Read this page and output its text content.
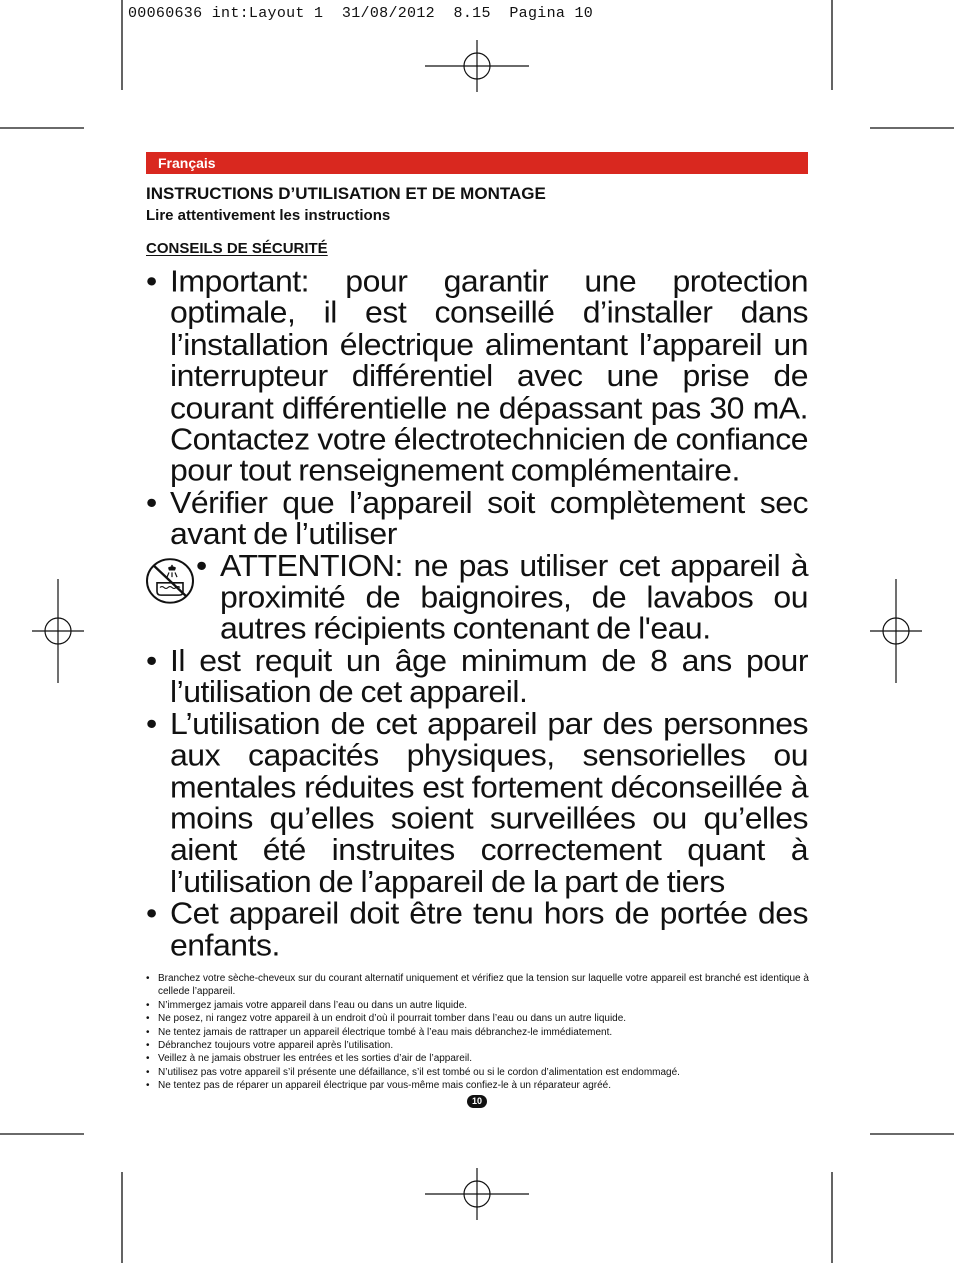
00060636 int:Layout 1  31/08/2012  8.15  Pagina 10
Français
INSTRUCTIONS D’UTILISATION ET DE MONTAGE
Lire attentivement les instructions
CONSEILS DE SÉCURITÉ
• Important: pour garantir une protection optimale, il est conseillé d’installer dans l’installation électrique alimentant l’appareil un interrupteur différentiel avec une prise de courant différentielle ne dépassant pas 30 mA. Contactez votre électrotechnicien de confiance pour tout renseignement complémentaire.
• Vérifier que l’appareil soit complètement sec avant de l’utiliser
• ATTENTION: ne pas utiliser cet appareil à proximité de baignoires, de lavabos ou autres récipients contenant de l'eau.
• Il est requit un âge minimum de 8 ans pour l’utilisation de cet appareil.
• L’utilisation de cet appareil par des personnes aux capacités physiques, sensorielles ou mentales réduites est fortement déconseillée à moins qu’elles soient surveillées ou qu’elles aient été instruites correctement quant à l’utilisation de l’appareil de la part de tiers
• Cet appareil doit être tenu hors de portée des enfants.
• Branchez votre sèche-cheveux sur du courant alternatif uniquement et vérifiez que la tension sur laquelle votre appareil est branché est identique à cellede l’appareil.
• N’immergez jamais votre appareil dans l’eau ou dans un autre liquide.
• Ne posez, ni rangez votre appareil à un endroit d’où il pourrait tomber dans l’eau ou dans un autre liquide.
• Ne tentez jamais de rattraper un appareil électrique tombé à l’eau mais débranchez-le immédiatement.
• Débranchez toujours votre appareil après l’utilisation.
• Veillez à ne jamais obstruer les entrées et les sorties d’air de l’appareil.
• N’utilisez pas votre appareil s’il présente une défaillance, s’il est tombé ou si le cordon d’alimentation est endommagé.
• Ne tentez pas de réparer un appareil électrique par vous-même mais confiez-le à un réparateur agréé.
10
